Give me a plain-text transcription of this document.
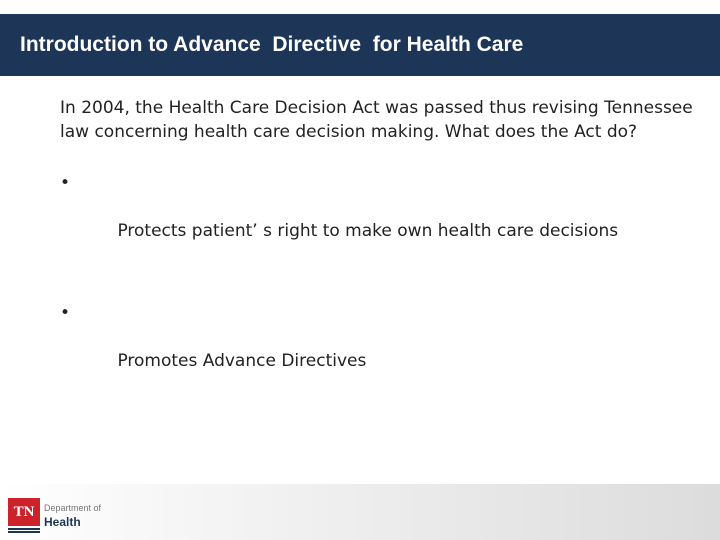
Introduction to Advance  Directive  for Health Care

In 2004, the Health Care Decision Act was passed thus revising Tennessee law concerning health care decision making. What does the Act do?

•

Protects patient’ s right to make own health care decisions

•

Promotes Advance Directives

TN Department of
Health
